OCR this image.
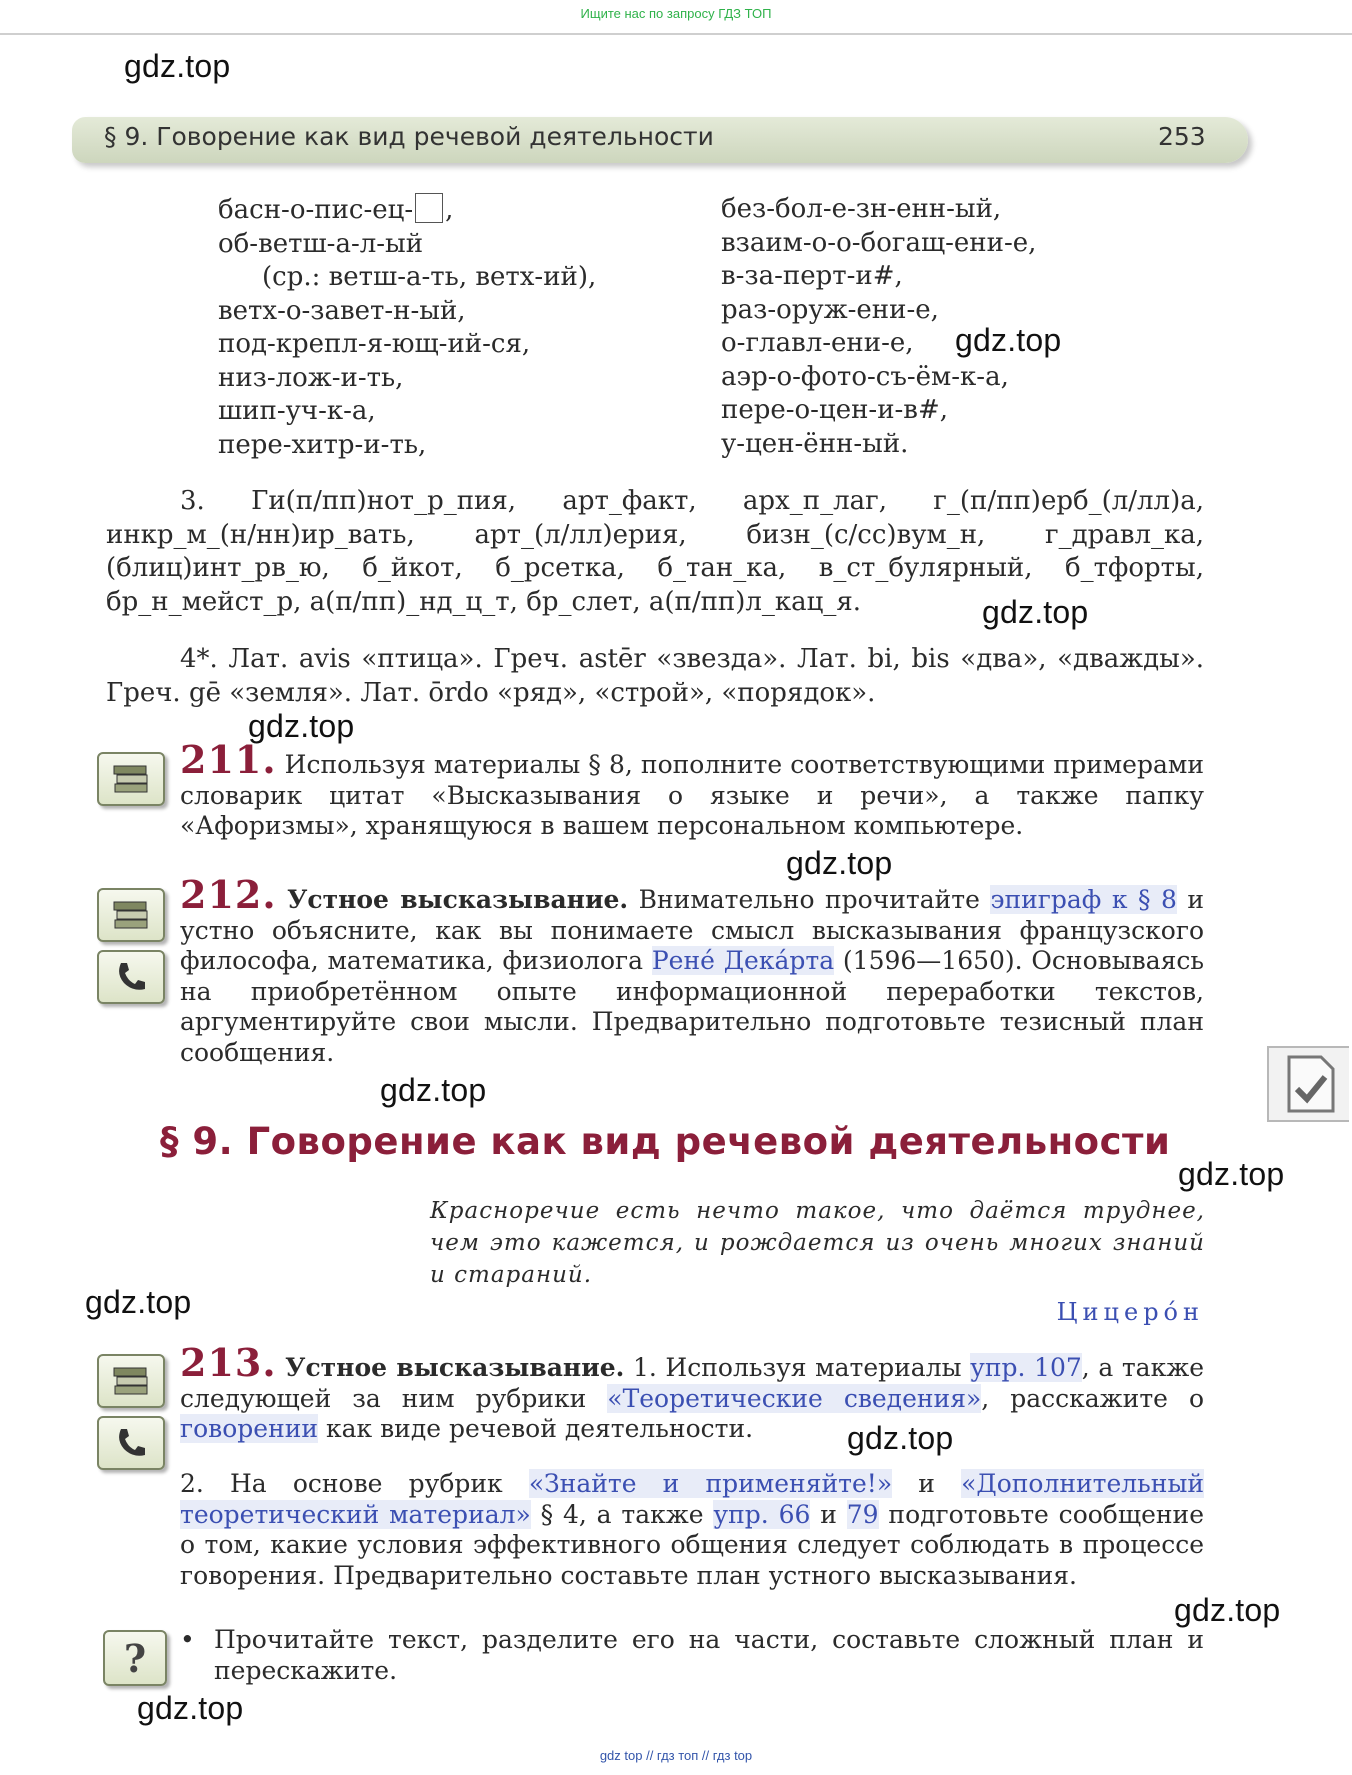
Ищите нас по запросу ГДЗ ТОП
gdz.top
gdz.top
gdz.top
gdz.top
gdz.top
gdz.top
gdz.top
gdz.top
gdz.top
gdz.top
gdz.top
§ 9. Говорение как вид речевой деятельности	253
басн-о-пис-ец- ,
об-ветш-а-л-ый
(ср.: ветш-а-ть, ветх-ий),
ветх-о-завет-н-ый,
под-крепл-я-ющ-ий-ся,
низ-лож-и-ть,
шип-уч-к-а,
пере-хитр-и-ть,
без-бол-е-зн-енн-ый,
взаим-о-о-богащ-ени-е,
в-за-перт-и#,
раз-оруж-ени-е,
о-главл-ени-е,
аэр-о-фото-съ-ём-к-а,
пере-о-цен-и-в#,
у-цен-ённ-ый.
3. Ги(п/пп)нот_р_пия, арт_факт, арх_п_лаг, г_(п/пп)ерб_(л/лл)а, инкр_м_(н/нн)ир_вать, арт_(л/лл)ерия, бизн_(с/сс)вум_н, г_дравл_ка, (блиц)инт_рв_ю, б_йкот, б_рсетка, б_тан_ка, в_ст_булярный, б_тфорты, бр_н_мейст_р, а(п/пп)_нд_ц_т, бр_слет, а(п/пп)л_кац_я.
4*. Лат. avis «птица». Греч. astēr «звезда». Лат. bi, bis «два», «дважды». Греч. gē «земля». Лат. ōrdo «ряд», «строй», «порядок».
211. Используя материалы § 8, пополните соответствующими примерами словарик цитат «Высказывания о языке и речи», а также папку «Афоризмы», хранящуюся в вашем персональном компьютере.
212. Устное высказывание. Внимательно прочитайте эпиграф к § 8 и устно объясните, как вы понимаете смысл высказывания французского философа, математика, физиолога Рене́ Дека́рта (1596—1650). Основываясь на приобретённом опыте информационной переработки текстов, аргументируйте свои мысли. Предварительно подготовьте тезисный план сообщения.
§ 9. Говорение как вид речевой деятельности
Красноречие есть нечто такое, что даётся труднее, чем это кажется, и рождается из очень многих знаний и стараний.
Цицеро́н
213. Устное высказывание. 1. Используя материалы упр. 107, а также следующей за ним рубрики «Теоретические сведения», расскажите о говорении как виде речевой деятельности.
2. На основе рубрик «Знайте и применяйте!» и «Дополнительный теоретический материал» § 4, а также упр. 66 и 79 подготовьте сообщение о том, какие условия эффективного общения следует соблюдать в процессе говорения. Предварительно составьте план устного высказывания.
? • Прочитайте текст, разделите его на части, составьте сложный план и перескажите.
gdz top // гдз топ // гдз top
